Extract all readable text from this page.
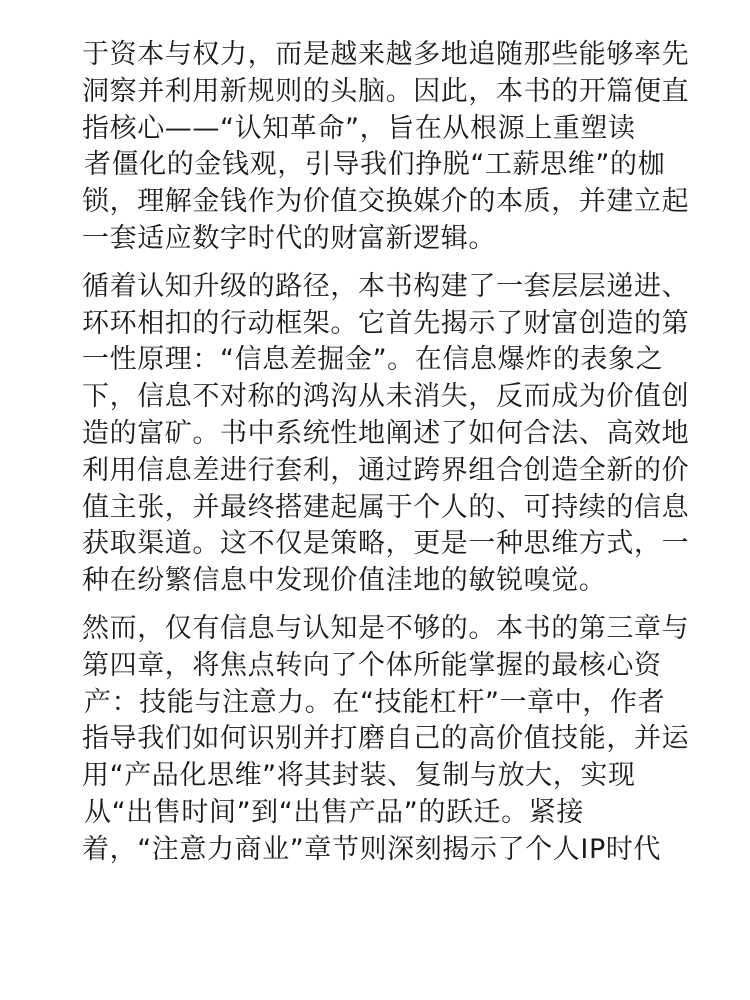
于资本与权力，而是越来越多地追随那些能够率先
洞察并利用新规则的头脑。因此，本书的开篇便直
指核心——“认知革命”，旨在从根源上重塑读
者僵化的金钱观，引导我们挣脱“工薪思维”的枷
锁，理解金钱作为价值交换媒介的本质，并建立起
一套适应数字时代的财富新逻辑。
循着认知升级的路径，本书构建了一套层层递进、
环环相扣的行动框架。它首先揭示了财富创造的第
一性原理：“信息差掘金”。在信息爆炸的表象之
下，信息不对称的鸿沟从未消失，反而成为价值创
造的富矿。书中系统性地阐述了如何合法、高效地
利用信息差进行套利，通过跨界组合创造全新的价
值主张，并最终搭建起属于个人的、可持续的信息
获取渠道。这不仅是策略，更是一种思维方式，一
种在纷繁信息中发现价值洼地的敏锐嗅觉。
然而，仅有信息与认知是不够的。本书的第三章与
第四章，将焦点转向了个体所能掌握的最核心资
产：技能与注意力。在“技能杠杆”一章中，作者
指导我们如何识别并打磨自己的高价值技能，并运
用“产品化思维”将其封装、复制与放大，实现
从“出售时间”到“出售产品”的跃迁。紧接
着，“注意力商业”章节则深刻揭示了个人IP时代
